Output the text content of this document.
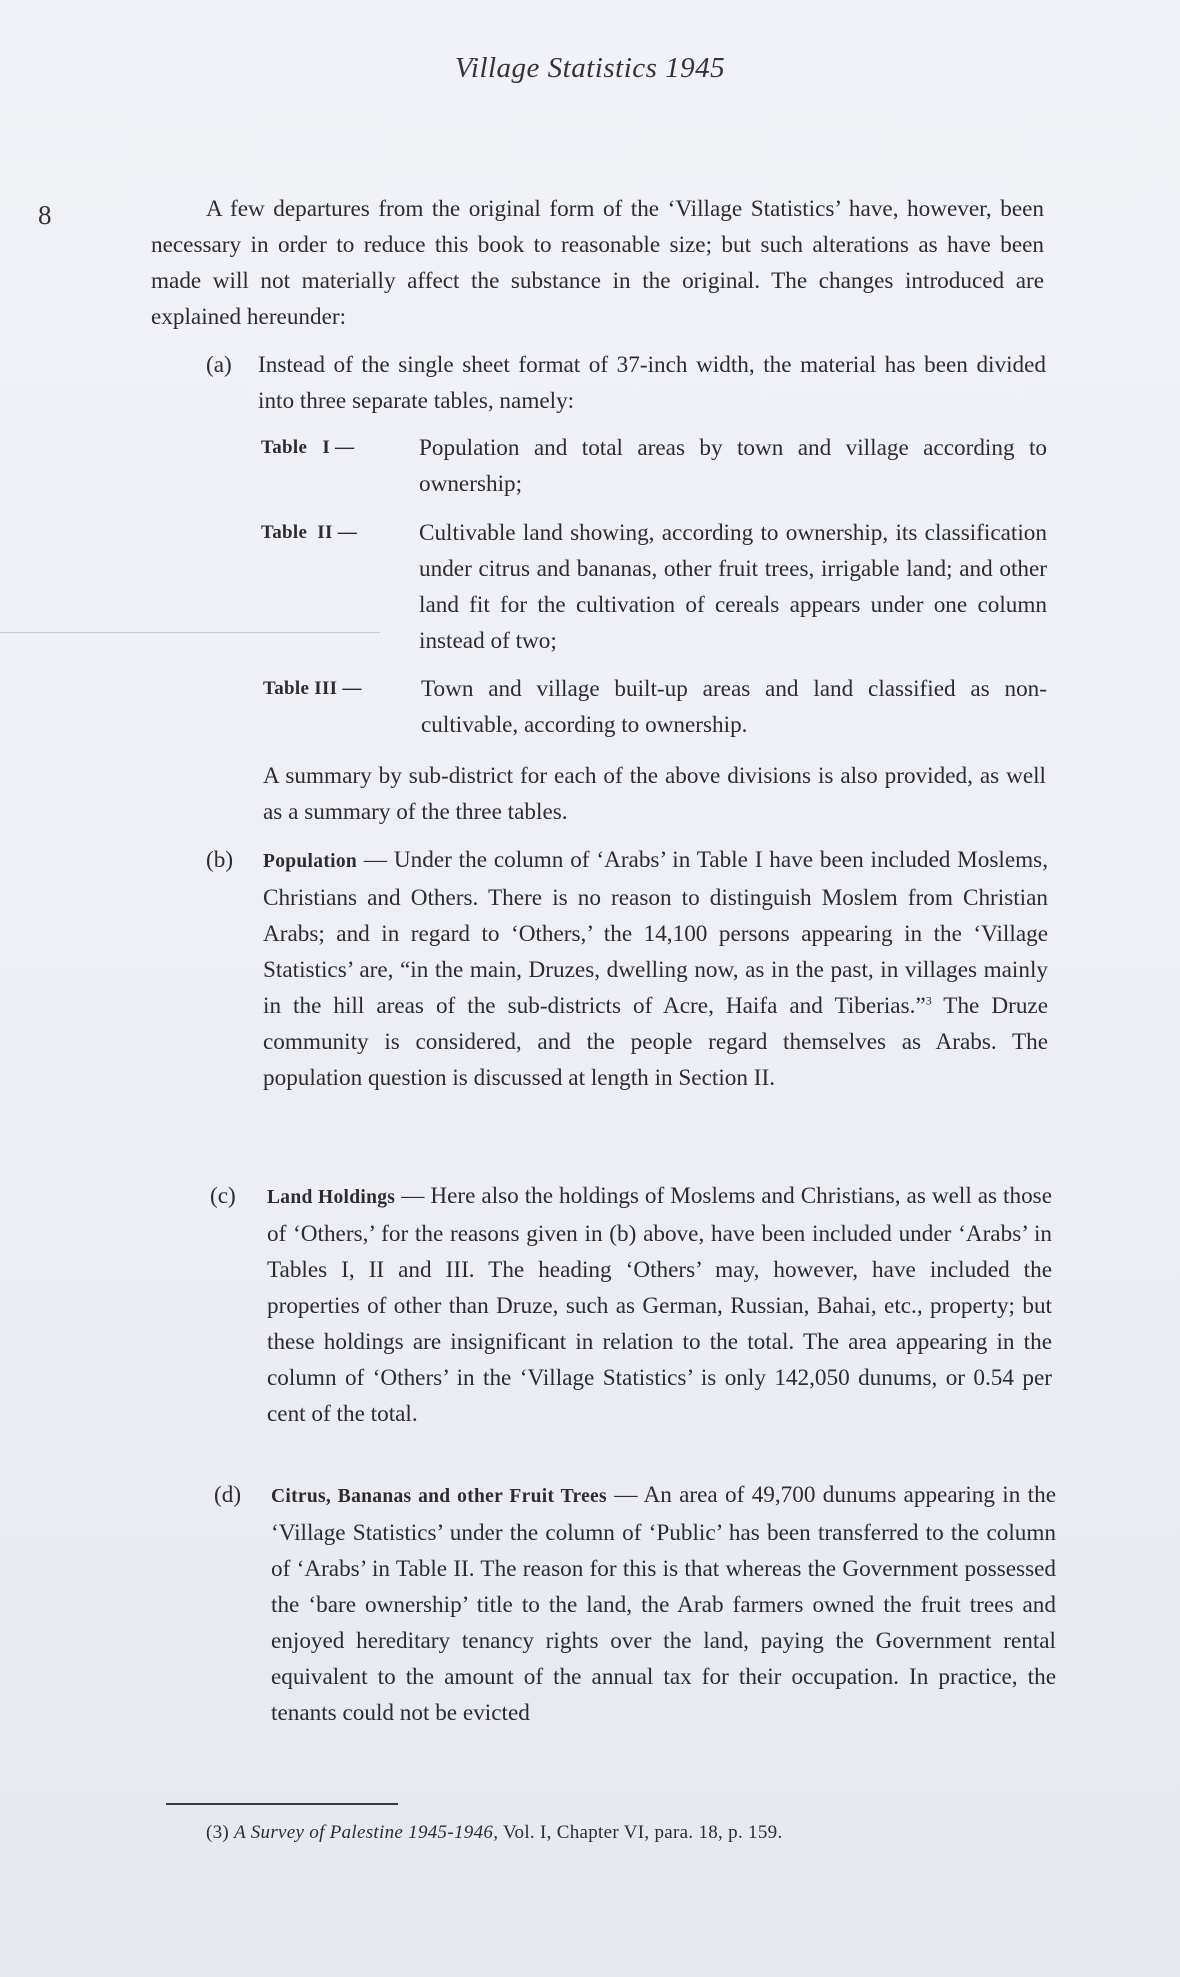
Village Statistics 1945
8	A few departures from the original form of the ‘Village Statistics’ have, however, been necessary in order to reduce this book to reasonable size; but such alterations as have been made will not materially affect the substance in the original. The changes introduced are explained hereunder:

(a) Instead of the single sheet format of 37-inch width, the material has been divided into three separate tables, namely:
Table   I —	Population and total areas by town and village according to ownership;
Table  II —	Cultivable land showing, according to ownership, its classification under citrus and bananas, other fruit trees, irrigable land; and other land fit for the cultivation of cereals appears under one column instead of two;
Table III —	Town and village built-up areas and land classified as non-cultivable, according to ownership.

A summary by sub-district for each of the above divisions is also provided, as well as a summary of the three tables.

(b) Population — Under the column of ‘Arabs’ in Table I have been included Moslems, Christians and Others. There is no reason to distinguish Moslem from Christian Arabs; and in regard to ‘Others,’ the 14,100 persons appearing in the ‘Village Statistics’ are, “in the main, Druzes, dwelling now, as in the past, in villages mainly in the hill areas of the sub-districts of Acre, Haifa and Tiberias.”$^3$ The Druze community is considered, and the people regard themselves as Arabs. The population question is discussed at length in Section II.
(c) Land Holdings — Here also the holdings of Moslems and Christians, as well as those of ‘Others,’ for the reasons given in (b) above, have been included under ‘Arabs’ in Tables I, II and III. The heading ‘Others’ may, however, have included the properties of other than Druze, such as German, Russian, Bahai, etc., property; but these holdings are insignificant in relation to the total. The area appearing in the column of ‘Others’ in the ‘Village Statistics’ is only 142,050 dunums, or 0.54 per cent of the total.
(d) Citrus, Bananas and other Fruit Trees — An area of 49,700 dunums appearing in the ‘Village Statistics’ under the column of ‘Public’ has been transferred to the column of ‘Arabs’ in Table II. The reason for this is that whereas the Government possessed the ‘bare ownership’ title to the land, the Arab farmers owned the fruit trees and enjoyed hereditary tenancy rights over the land, paying the Government rental equivalent to the amount of the annual tax for their occupation. In practice, the tenants could not be evicted
(3) A Survey of Palestine 1945-1946, Vol. I, Chapter VI, para. 18, p. 159.
